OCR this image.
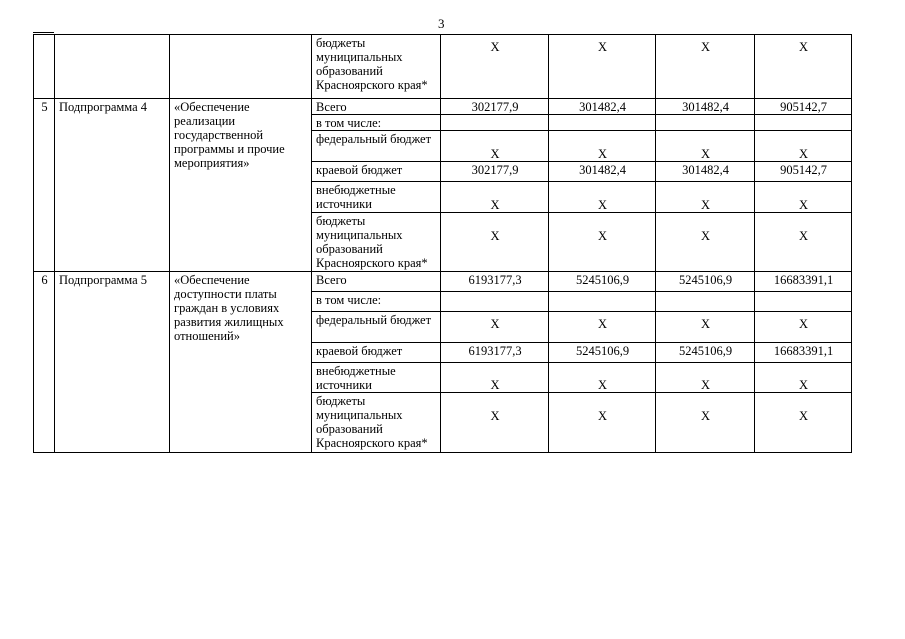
3
			бюджеты муниципальных образований Красноярского края*	X	X	X	X
5	Подпрограмма 4	«Обеспечение реализации государственной программы и прочие мероприятия»	Всего	302177,9	301482,4	301482,4	905142,7
			в том числе:				
			федеральный бюджет	X	X	X	X
			краевой бюджет	302177,9	301482,4	301482,4	905142,7
			внебюджетные источники	X	X	X	X
			бюджеты муниципальных образований Красноярского края*	X	X	X	X
6	Подпрограмма 5	«Обеспечение доступности платы граждан в условиях развития жилищных отношений»	Всего	6193177,3	5245106,9	5245106,9	16683391,1
			в том числе:				
			федеральный бюджет	X	X	X	X
			краевой бюджет	6193177,3	5245106,9	5245106,9	16683391,1
			внебюджетные источники	X	X	X	X
			бюджеты муниципальных образований Красноярского края*	X	X	X	X
